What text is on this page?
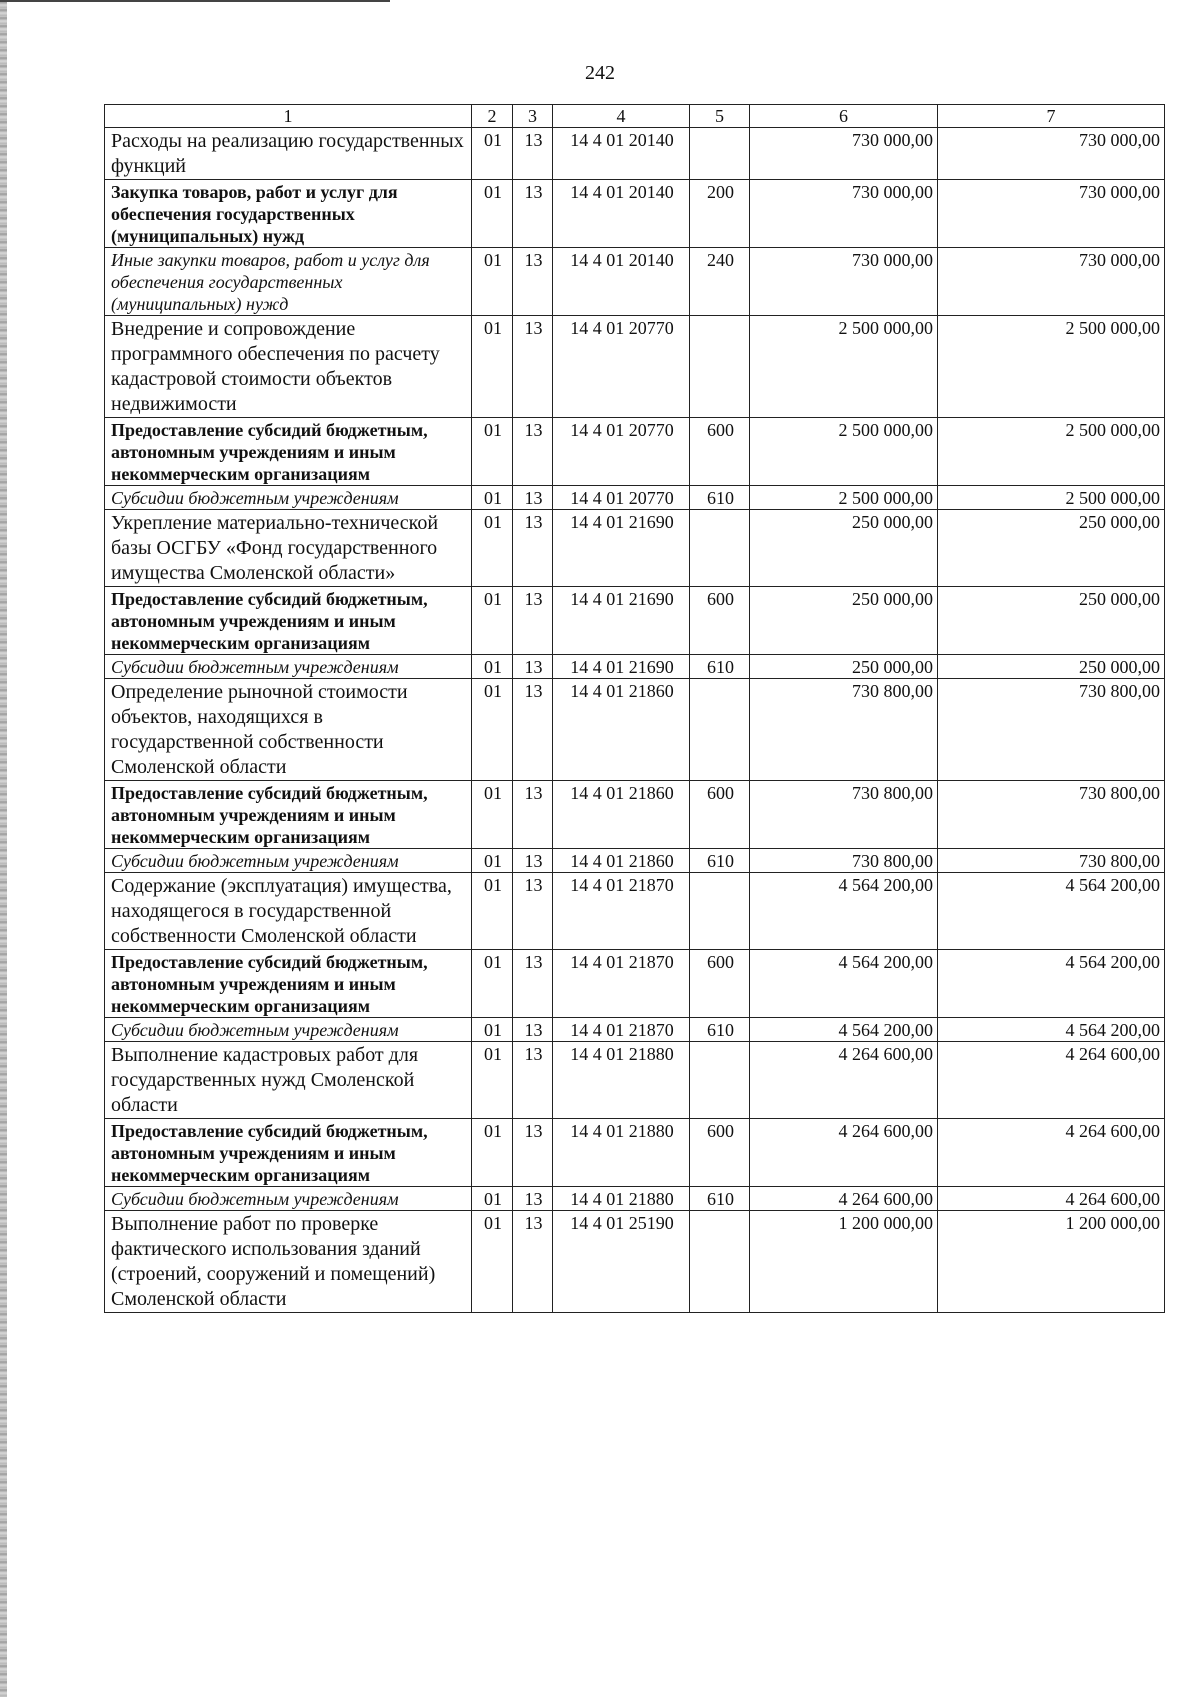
242
1	2	3	4	5	6	7
Расходы на реализацию государственных функций	01	13	14 4 01 20140		730 000,00	730 000,00
Закупка товаров, работ и услуг для обеспечения государственных (муниципальных) нужд	01	13	14 4 01 20140	200	730 000,00	730 000,00
Иные закупки товаров, работ и услуг для обеспечения государственных (муниципальных) нужд	01	13	14 4 01 20140	240	730 000,00	730 000,00
Внедрение и сопровождение программного обеспечения по расчету кадастровой стоимости объектов недвижимости	01	13	14 4 01 20770		2 500 000,00	2 500 000,00
Предоставление субсидий бюджетным, автономным учреждениям и иным некоммерческим организациям	01	13	14 4 01 20770	600	2 500 000,00	2 500 000,00
Субсидии бюджетным учреждениям	01	13	14 4 01 20770	610	2 500 000,00	2 500 000,00
Укрепление материально-технической базы ОСГБУ «Фонд государственного имущества Смоленской области»	01	13	14 4 01 21690		250 000,00	250 000,00
Предоставление субсидий бюджетным, автономным учреждениям и иным некоммерческим организациям	01	13	14 4 01 21690	600	250 000,00	250 000,00
Субсидии бюджетным учреждениям	01	13	14 4 01 21690	610	250 000,00	250 000,00
Определение рыночной стоимости объектов, находящихся в государственной собственности Смоленской области	01	13	14 4 01 21860		730 800,00	730 800,00
Предоставление субсидий бюджетным, автономным учреждениям и иным некоммерческим организациям	01	13	14 4 01 21860	600	730 800,00	730 800,00
Субсидии бюджетным учреждениям	01	13	14 4 01 21860	610	730 800,00	730 800,00
Содержание (эксплуатация) имущества, находящегося в государственной собственности Смоленской области	01	13	14 4 01 21870		4 564 200,00	4 564 200,00
Предоставление субсидий бюджетным, автономным учреждениям и иным некоммерческим организациям	01	13	14 4 01 21870	600	4 564 200,00	4 564 200,00
Субсидии бюджетным учреждениям	01	13	14 4 01 21870	610	4 564 200,00	4 564 200,00
Выполнение кадастровых работ для государственных нужд Смоленской области	01	13	14 4 01 21880		4 264 600,00	4 264 600,00
Предоставление субсидий бюджетным, автономным учреждениям и иным некоммерческим организациям	01	13	14 4 01 21880	600	4 264 600,00	4 264 600,00
Субсидии бюджетным учреждениям	01	13	14 4 01 21880	610	4 264 600,00	4 264 600,00
Выполнение работ по проверке фактического использования зданий (строений, сооружений и помещений) Смоленской области	01	13	14 4 01 25190		1 200 000,00	1 200 000,00
